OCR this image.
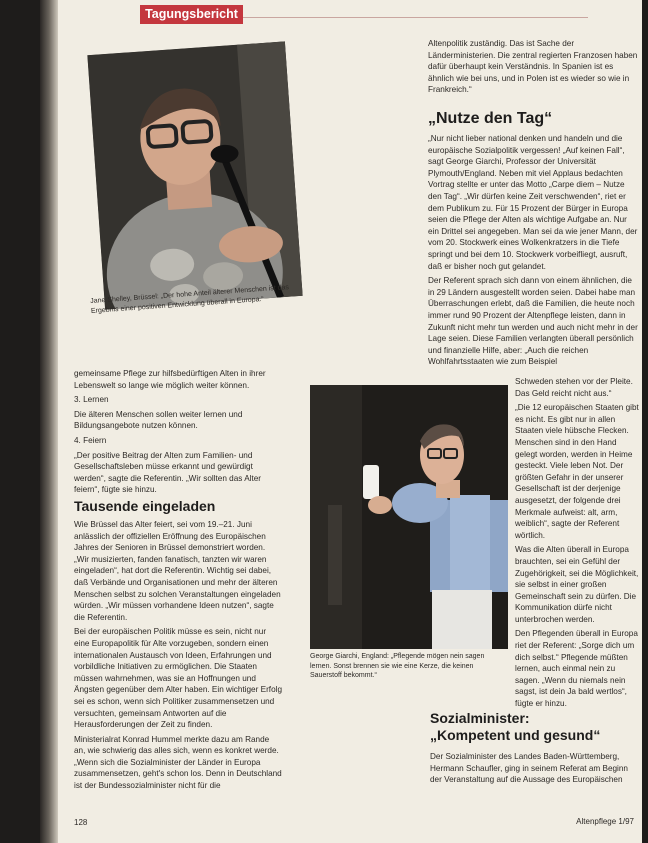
Tagungsbericht
Jane Shelley, Brüssel: „Der hohe Anteil älterer Menschen ist das Ergebnis einer positiven Entwicklung überall in Europa.“

gemeinsame Pflege zur hilfsbedürftigen Alten in ihrer Lebenswelt so lange wie möglich weiter können.

3. Lernen

Die älteren Menschen sollen weiter lernen und Bildungsangebote nutzen können.

4. Feiern

„Der positive Beitrag der Alten zum Familien- und Gesellschaftsleben müsse erkannt und gewürdigt werden“, sagte die Referentin. „Wir sollten das Alter feiern“, fügte sie hinzu.

Tausende eingeladen

Wie Brüssel das Alter feiert, sei vom 19.–21. Juni anlässlich der offiziellen Eröffnung des Europäischen Jahres der Senioren in Brüssel demonstriert worden. „Wir musizierten, fanden fanatisch, tanzten wir waren eingeladen“, hat dort die Referentin. Wichtig sei dabei, daß Verbände und Organisationen und mehr der älteren Menschen selbst zu solchen Veranstaltungen eingeladen würden. „Wir müssen vorhandene Ideen nutzen“, sagte die Referentin.

Bei der europäischen Politik müsse es sein, nicht nur eine Europapolitik für Alte vorzugeben, sondern einen internationalen Austausch von Ideen, Erfahrungen und vorbildliche Initiativen zu ermöglichen. Die Staaten müssen wahrnehmen, was sie an Hoffnungen und Ängsten gegenüber dem Alter haben. Ein wichtiger Erfolg sei es schon, wenn sich Politiker zusammensetzen und versuchten, gemeinsam Antworten auf die Herausforderungen der Zeit zu finden.

Ministerialrat Konrad Hummel merkte dazu am Rande an, wie schwierig das alles sich, wenn es konkret werde. „Wenn sich die Sozialminister der Länder in Europa zusammensetzen, geht's schon los. Denn in Deutschland ist der Bundessozialminister nicht für die

Altenpolitik zuständig. Das ist Sache der Länderministerien. Die zentral regierten Franzosen haben dafür überhaupt kein Verständnis. In Spanien ist es ähnlich wie bei uns, und in Polen ist es wieder so wie in Frankreich.“

„Nutze den Tag“

„Nur nicht lieber national denken und handeln und die europäische Sozialpolitik vergessen! „Auf keinen Fall“, sagt George Giarchi, Professor der Universität Plymouth/England. Neben mit viel Applaus bedachten Vortrag stellte er unter das Motto „Carpe diem – Nutze den Tag“. „Wir dürfen keine Zeit verschwenden“, riet er dem Publikum zu. Für 15 Prozent der Bürger in Europa seien die Pflege der Alten als wichtige Aufgabe an. Nur ein Drittel sei angegeben. Man sei da wie jener Mann, der vom 20. Stockwerk eines Wolkenkratzers in die Tiefe springt und bei dem 10. Stockwerk vorbeifliegt, ausruft, daß er bisher noch gut gelandet.

Der Referent sprach sich dann von einem ähnlichen, die in 29 Ländern ausgestellt worden seien. Dabei habe man Überraschungen erlebt, daß die Familien, die heute noch immer rund 90 Prozent der Altenpflege leisten, dann in Zukunft nicht mehr tun werden und auch nicht mehr in der Lage seien. Diese Familien verlangten überall persönlich und finanzielle Hilfe, aber: „Auch die reichen Wohlfahrtsstaaten wie zum Beispiel

George Giarchi, England: „Pflegende mögen nein sagen lernen. Sonst brennen sie wie eine Kerze, die keinen Sauerstoff bekommt.“

Schweden stehen vor der Pleite. Das Geld reicht nicht aus.“

„Die 12 europäischen Staaten gibt es nicht. Es gibt nur in allen Staaten viele hübsche Flecken. Menschen sind in den Hand gelegt worden, werden in Heime gesteckt. Viele leben Not. Der größten Gefahr in der unserer Gesellschaft ist der derjenige ausgesetzt, der folgende drei Merkmale aufweist: alt, arm, weiblich“, sagte der Referent wörtlich.

Was die Alten überall in Europa brauchten, sei ein Gefühl der Zugehörigkeit, sei die Möglichkeit, sie selbst in einer großen Gemeinschaft sein zu dürfen. Die Kommunikation dürfe nicht unterbrochen werden.

Den Pflegenden überall in Europa riet der Referent: „Sorge dich um dich selbst.“ Pflegende müßten lernen, auch einmal nein zu sagen. „Wenn du niemals nein sagst, ist dein Ja bald wertlos“, fügte er hinzu.

Sozialminister:
„Kompetent und gesund“

Der Sozialminister des Landes Baden-Württemberg, Hermann Schaufler, ging in seinem Referat am Beginn der Veranstaltung auf die Aussage des Europäischen

128	Altenpflege 1/97
